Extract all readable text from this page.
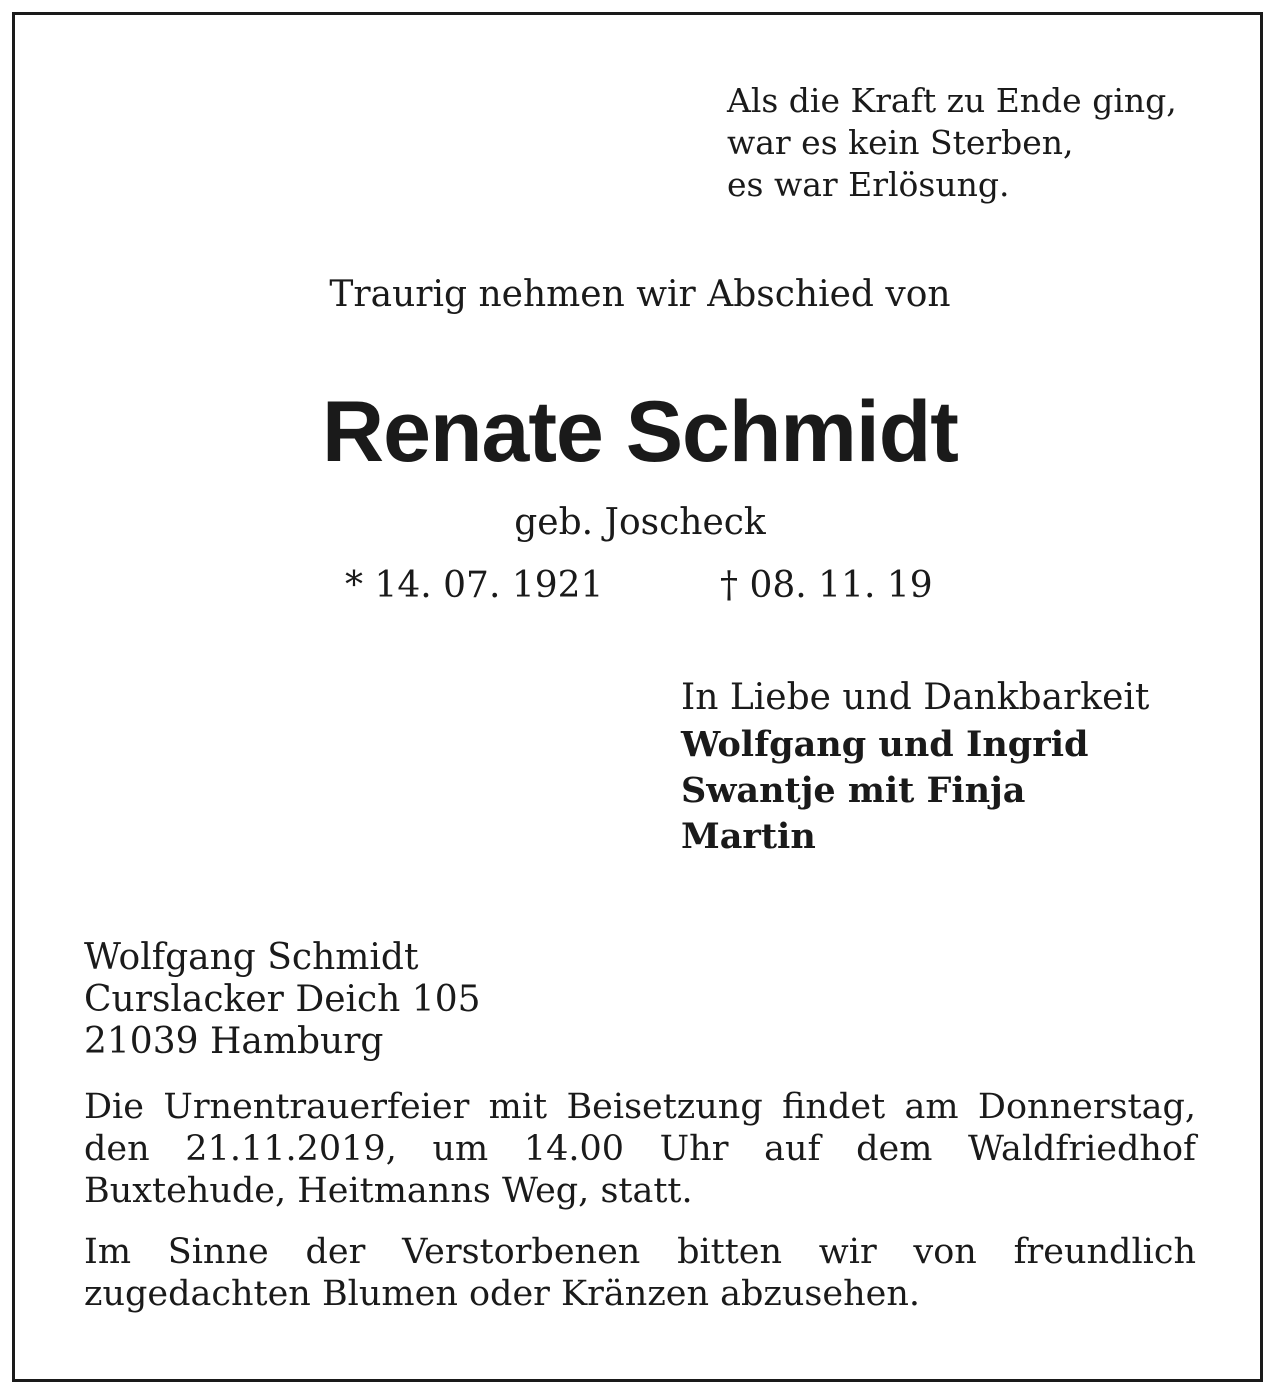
Als die Kraft zu Ende ging,
war es kein Sterben,
es war Erlösung.
Traurig nehmen wir Abschied von
Renate Schmidt
geb. Joscheck
* 14. 07. 1921	† 08. 11. 19
In Liebe und Dankbarkeit
Wolfgang und Ingrid
Swantje mit Finja
Martin
Wolfgang Schmidt
Curslacker Deich 105
21039 Hamburg

Die Urnentrauerfeier mit Beisetzung findet am Donnerstag, den 21.11.2019, um 14.00 Uhr auf dem Waldfriedhof Buxtehude, Heitmanns Weg, statt.

Im Sinne der Verstorbenen bitten wir von freundlich zugedachten Blumen oder Kränzen abzusehen.
